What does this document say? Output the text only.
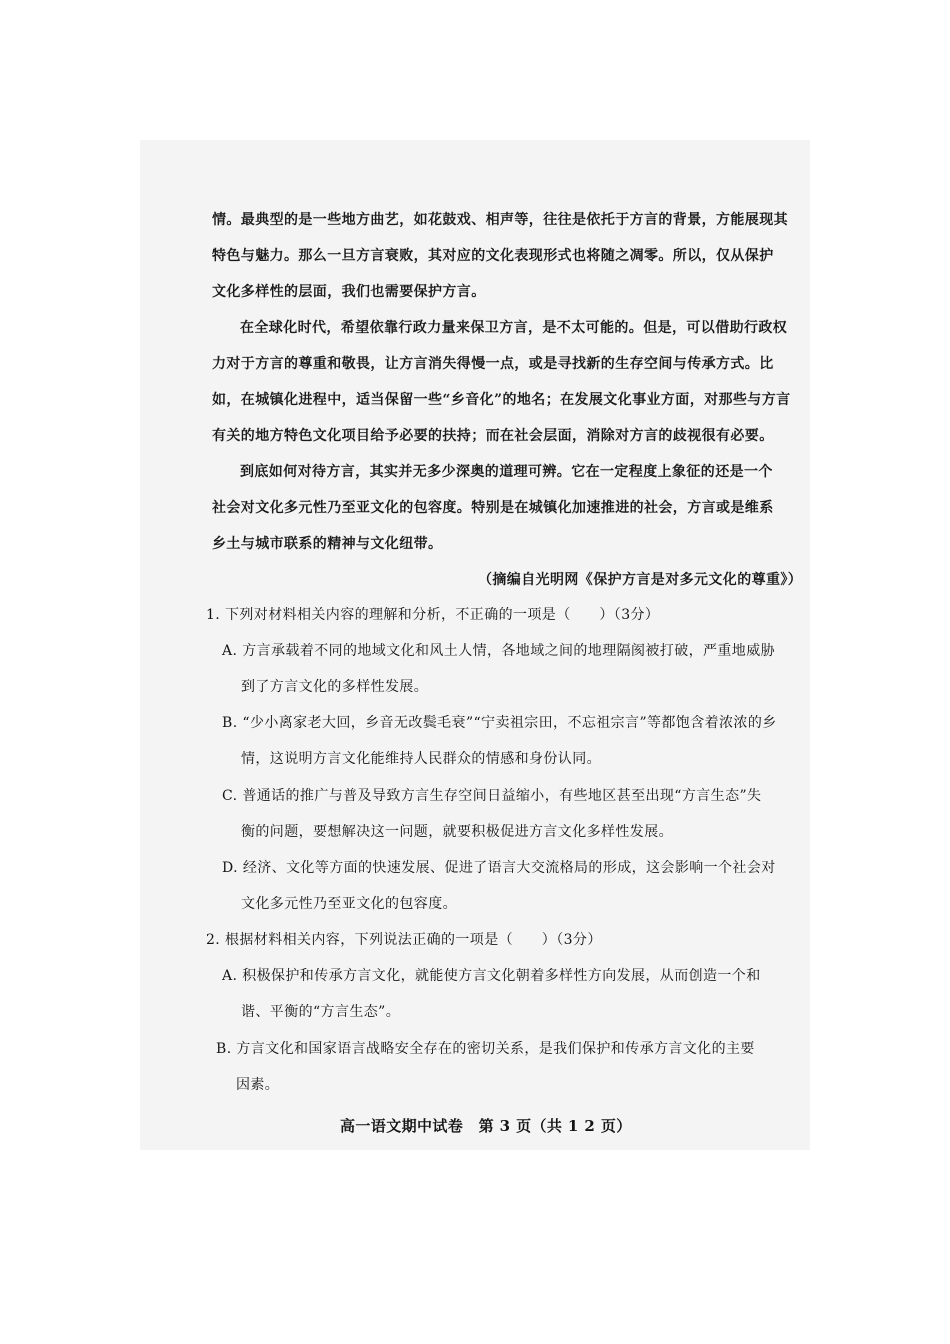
情。最典型的是一些地方曲艺，如花鼓戏、相声等，往往是依托于方言的背景，方能展现其
特色与魅力。那么一旦方言衰败，其对应的文化表现形式也将随之凋零。所以，仅从保护
文化多样性的层面，我们也需要保护方言。
在全球化时代，希望依靠行政力量来保卫方言，是不太可能的。但是，可以借助行政权
力对于方言的尊重和敬畏，让方言消失得慢一点，或是寻找新的生存空间与传承方式。比
如，在城镇化进程中，适当保留一些“乡音化”的地名；在发展文化事业方面，对那些与方言
有关的地方特色文化项目给予必要的扶持；而在社会层面，消除对方言的歧视很有必要。
到底如何对待方言，其实并无多少深奥的道理可辨。它在一定程度上象征的还是一个
社会对文化多元性乃至亚文化的包容度。特别是在城镇化加速推进的社会，方言或是维系
乡土与城市联系的精神与文化纽带。
（摘编自光明网《保护方言是对多元文化的尊重》）
1. 下列对材料相关内容的理解和分析，不正确的一项是（　　）（3分）
A. 方言承载着不同的地域文化和风土人情，各地域之间的地理隔阂被打破，严重地威胁
到了方言文化的多样性发展。
B. “少小离家老大回，乡音无改鬓毛衰”“宁卖祖宗田，不忘祖宗言”等都饱含着浓浓的乡
情，这说明方言文化能维持人民群众的情感和身份认同。
C. 普通话的推广与普及导致方言生存空间日益缩小，有些地区甚至出现“方言生态”失
衡的问题，要想解决这一问题，就要积极促进方言文化多样性发展。
D. 经济、文化等方面的快速发展、促进了语言大交流格局的形成，这会影响一个社会对
文化多元性乃至亚文化的包容度。
2. 根据材料相关内容，下列说法正确的一项是（　　）（3分）
A. 积极保护和传承方言文化，就能使方言文化朝着多样性方向发展，从而创造一个和
谐、平衡的“方言生态”。
B. 方言文化和国家语言战略安全存在的密切关系，是我们保护和传承方言文化的主要
因素。
高一语文期中试卷　第 3 页（共 1 2 页）
